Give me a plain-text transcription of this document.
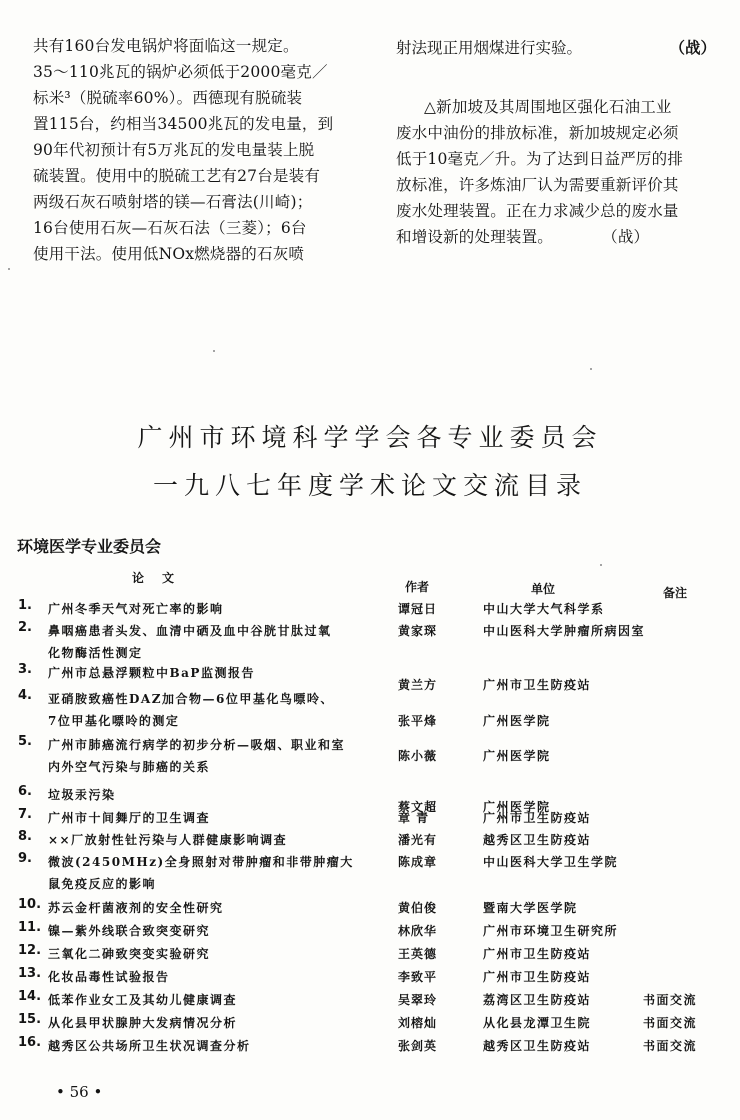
共有160台发电锅炉将面临这一规定。
35～110兆瓦的锅炉必须低于2000毫克／
标米³（脱硫率60%）。西德现有脱硫装
置115台，约相当34500兆瓦的发电量，到
90年代初预计有5万兆瓦的发电量装上脱
硫装置。使用中的脱硫工艺有27台是装有
两级石灰石喷射塔的镁—石膏法(川崎)；
16台使用石灰—石灰石法（三菱）；6台
使用干法。使用低NOx燃烧器的石灰喷
射法现正用烟煤进行实验。	（战）
△新加坡及其周围地区强化石油工业
废水中油份的排放标准，新加坡规定必须
低于10毫克／升。为了达到日益严厉的排
放标准，许多炼油厂认为需要重新评价其
废水处理装置。正在力求减少总的废水量
和增设新的处理装置。	（战）
广州市环境科学学会各专业委员会
一九八七年度学术论文交流目录
环境医学专业委员会
论文
作者	单位	备注
1.	广州冬季天气对死亡率的影响	谭冠日	中山大学大气科学系
2.	鼻咽癌患者头发、血清中硒及血中谷胱甘肽过氧
化物酶活性测定
黄家琛	中山医科大学肿瘤所病因室
3.	广州市总悬浮颗粒中BaP监测报告
黄兰方	广州市卫生防疫站
4.	亚硝胺致癌性DAZ加合物—6位甲基化鸟嘌呤、
7位甲基化嘌呤的测定	张平烽	广州医学院
5.	广州市肺癌流行病学的初步分析—吸烟、职业和室
内外空气污染与肺癌的关系
陈小薇	广州医学院
6.	垃圾汞污染
蔡文超	广州医学院
7.	广州市十间舞厅的卫生调查	章 青	广州市卫生防疫站
8.	××厂放射性钍污染与人群健康影响调查	潘光有	越秀区卫生防疫站
9.	微波(2450MHz)全身照射对带肿瘤和非带肿瘤大
鼠免疫反应的影响
陈成章	中山医科大学卫生学院
10. 苏云金杆菌液剂的安全性研究	黄伯俊	暨南大学医学院
11. 镍—紫外线联合致突变研究	林欣华	广州市环境卫生研究所
12. 三氧化二砷致突变实验研究	王英德	广州市卫生防疫站
13. 化妆品毒性试验报告	李致平	广州市卫生防疫站
14. 低苯作业女工及其幼儿健康调查	吴翠玲	荔湾区卫生防疫站	书面交流
15. 从化县甲状腺肿大发病情况分析	刘榕灿	从化县龙潭卫生院	书面交流
16. 越秀区公共场所卫生状况调查分析	张剑英	越秀区卫生防疫站	书面交流
• 56 •
